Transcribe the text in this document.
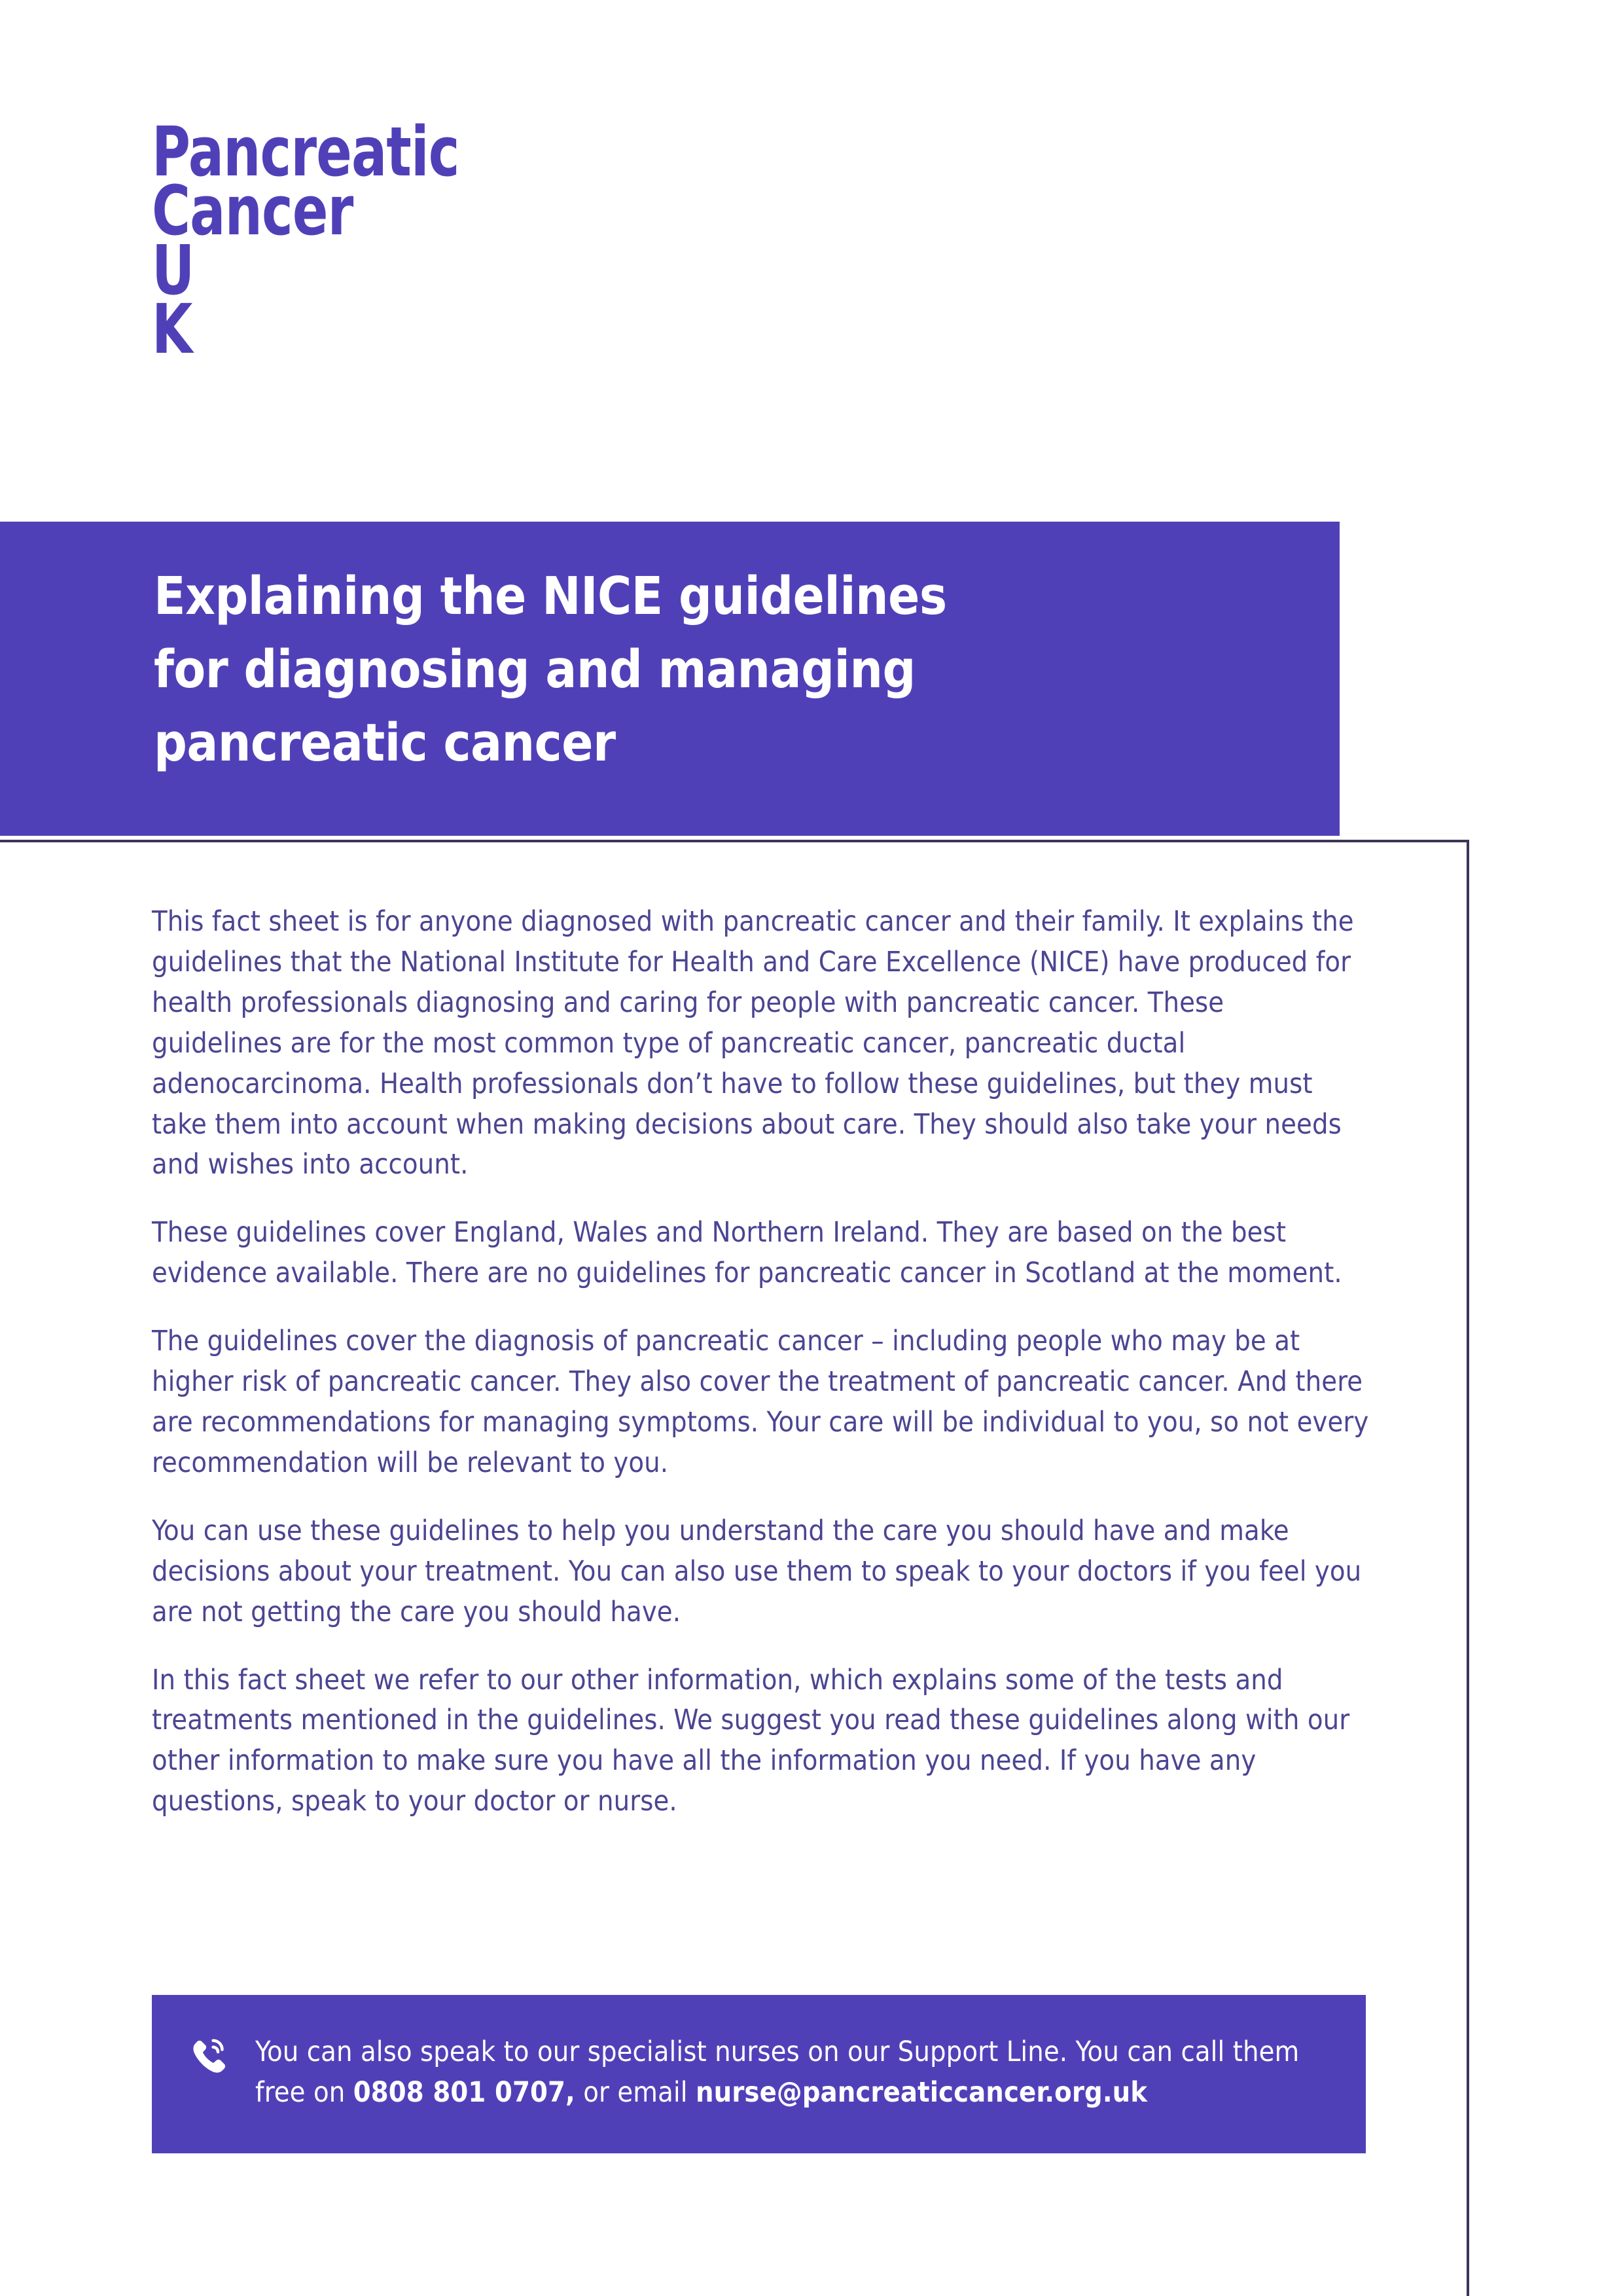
Pancreatic
Cancer
U
K
Explaining the NICE guidelines
for diagnosing and managing
pancreatic cancer

This fact sheet is for anyone diagnosed with pancreatic cancer and their family. It explains the guidelines that the National Institute for Health and Care Excellence (NICE) have produced for health professionals diagnosing and caring for people with pancreatic cancer. These guidelines are for the most common type of pancreatic cancer, pancreatic ductal adenocarcinoma. Health professionals don’t have to follow these guidelines, but they must take them into account when making decisions about care. They should also take your needs and wishes into account.

These guidelines cover England, Wales and Northern Ireland. They are based on the best evidence available. There are no guidelines for pancreatic cancer in Scotland at the moment.

The guidelines cover the diagnosis of pancreatic cancer – including people who may be at higher risk of pancreatic cancer. They also cover the treatment of pancreatic cancer. And there are recommendations for managing symptoms. Your care will be individual to you, so not every recommendation will be relevant to you.

You can use these guidelines to help you understand the care you should have and make decisions about your treatment. You can also use them to speak to your doctors if you feel you are not getting the care you should have.

In this fact sheet we refer to our other information, which explains some of the tests and treatments mentioned in the guidelines. We suggest you read these guidelines along with our other information to make sure you have all the information you need. If you have any questions, speak to your doctor or nurse.

You can also speak to our specialist nurses on our Support Line. You can call them free on 0808 801 0707, or email nurse@pancreaticcancer.org.uk
